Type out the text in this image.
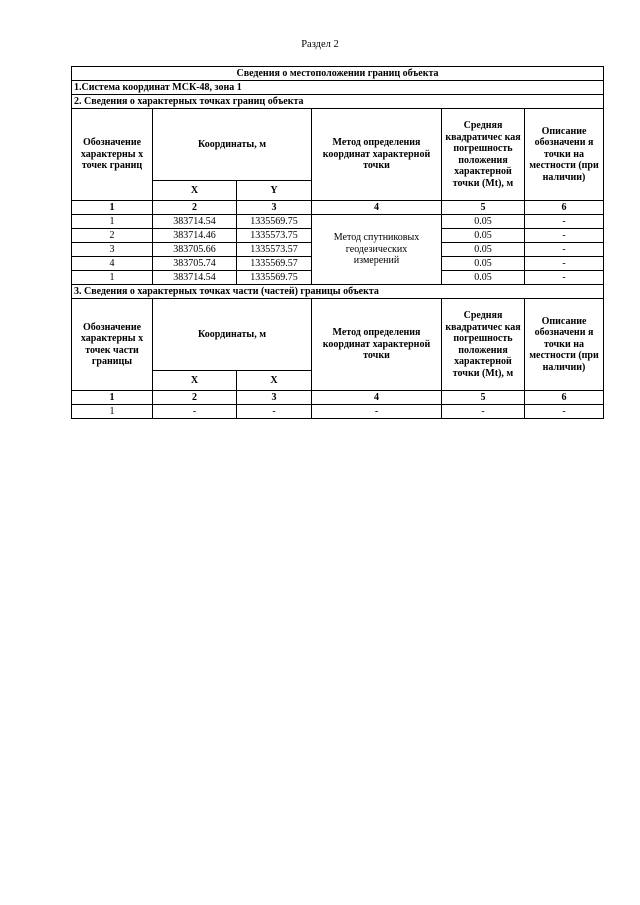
Раздел 2
Сведения о местоположении границ объекта					
1.Система координат МСК-48, зона 1					
2. Сведения о характерных точках границ объекта					
Обозначение характерны х точек границ	Координаты, м		Метод определения координат характерной точки	Средняя квадратичес кая погрешность положения характерной точки (Mt), м	Описание обозначени я точки на местности (при наличии)
	X	Y			
1	2	3	4	5	6
1	383714.54	1335569.75	Метод спутниковых геодезических измерений	0.05	-
2	383714.46	1335573.75		0.05	-
3	383705.66	1335573.57		0.05	-
4	383705.74	1335569.57		0.05	-
1	383714.54	1335569.75		0.05	-
3. Сведения о характерных точках части (частей) границы объекта					
Обозначение характерны х точек части границы	Координаты, м		Метод определения координат характерной точки	Средняя квадратичес кая погрешность положения характерной точки (Mt), м	Описание обозначени я точки на местности (при наличии)
	X	X			
1	2	3	4	5	6
1	-	-	-	-	-
